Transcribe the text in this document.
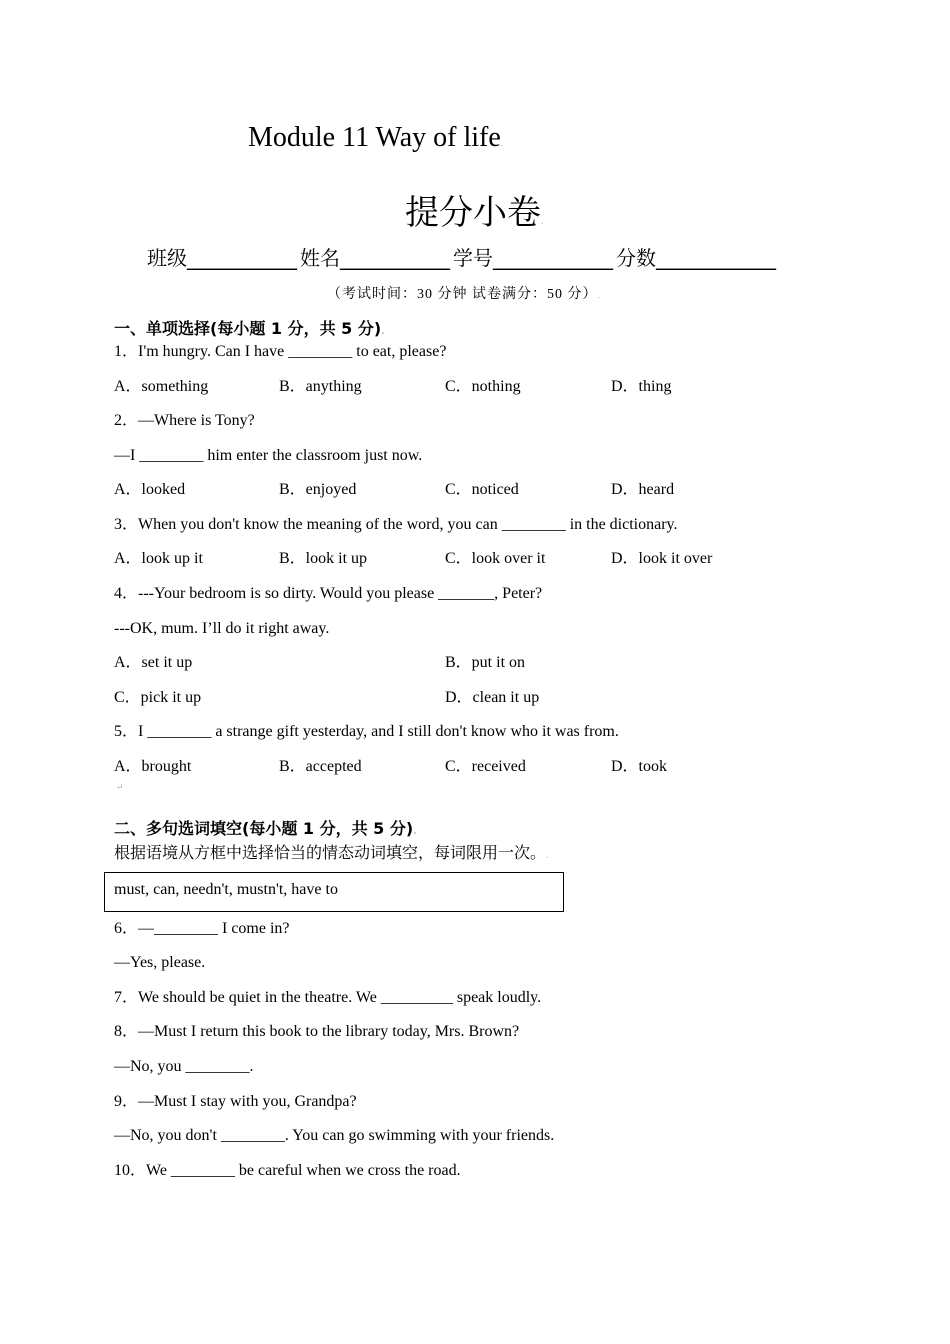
Module 11 Way of life.
提分小卷.
班级___________ 姓名___________ 学号____________ 分数____________
（考试时间：30 分钟 试卷满分：50 分）.
一、单项选择(每小题 1 分，共 5 分).
1．I'm hungry. Can I have ________ to eat, please?
A．something	B．anything	C．nothing	D．thing
2．—Where is Tony?
—I ________ him enter the classroom just now.
A．looked	B．enjoyed	C．noticed	D．heard
3．When you don't know the meaning of the word, you can ________ in the dictionary.
A．look up it	B．look it up	C．look over it	D．look it over
4．---Your bedroom is so dirty. Would you please _______, Peter?
---OK, mum. I’ll do it right away.
A．set it up	B．put it on
C．pick it up	D．clean it up
5．I ________ a strange gift yesterday, and I still don't know who it was from.
A．brought	B．accepted	C．received	D．took
↵
二、多句选词填空(每小题 1 分，共 5 分).
根据语境从方框中选择恰当的情态动词填空，每词限用一次。.
must, can, needn't, mustn't, have to
6．—________ I come in?
—Yes, please.
7．We should be quiet in the theatre. We _________ speak loudly.
8．—Must I return this book to the library today, Mrs. Brown?
—No, you ________.
9．—Must I stay with you, Grandpa?
—No, you don't ________. You can go swimming with your friends.
10．We ________ be careful when we cross the road.
